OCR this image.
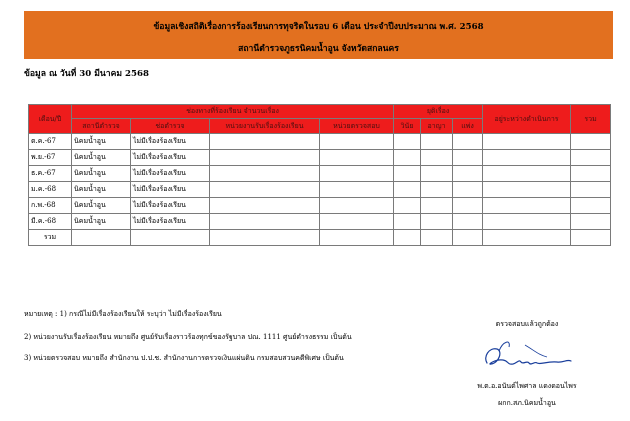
ข้อมูลเชิงสถิติเรื่องการร้องเรียนการทุจริตในรอบ 6 เดือน ประจำปีงบประมาณ พ.ศ. 2568
สถานีตำรวจภูธรนิคมน้ำอูน จังหวัดสกลนคร
ข้อมูล ณ วันที่ 30 มีนาคม 2568
เดือน/ปี	ช่องทางที่ร้องเรียน จำนวนเรื่อง				ยุติเรื่อง			อยู่ระหว่างดำเนินการ	รวม
	สถานีตำรวจ	ช่อตำรวจ	หน่วยงานรับเรื่องร้องเรียน	หน่วยตรวจสอบ	วินัย	อาญา	แพ่ง		
ต.ค.-67	นิคมน้ำอูน	ไม่มีเรื่องร้องเรียน							
พ.ย.-67	นิคมน้ำอูน	ไม่มีเรื่องร้องเรียน							
ธ.ค.-67	นิคมน้ำอูน	ไม่มีเรื่องร้องเรียน							
ม.ค.-68	นิคมน้ำอูน	ไม่มีเรื่องร้องเรียน							
ก.พ.-68	นิคมน้ำอูน	ไม่มีเรื่องร้องเรียน							
มี.ค.-68	นิคมน้ำอูน	ไม่มีเรื่องร้องเรียน							
รวม									
หมายเหตุ : 1) กรณีไม่มีเรื่องร้องเรียนให้ ระบุว่า ไม่มีเรื่องร้องเรียน
2) หน่วยงานรับเรื่องร้องเรียน หมายถึง ศูนย์รับเรื่องราวร้องทุกข์ของรัฐบาล ปณ. 1111 ศูนย์ดำรงธรรม เป็นต้น
3) หน่วยตรวจสอบ หมายถึง สำนักงาน ป.ป.ช. สำนักงานการตรวจเงินแผ่นดิน กรมสอบสวนคดีพิเศษ เป็นต้น
ตรวจสอบแล้วถูกต้อง
พ.ต.อ.อนันต์ไพศาล แดงดอนไพร
ผกก.สภ.นิคมน้ำอูน
